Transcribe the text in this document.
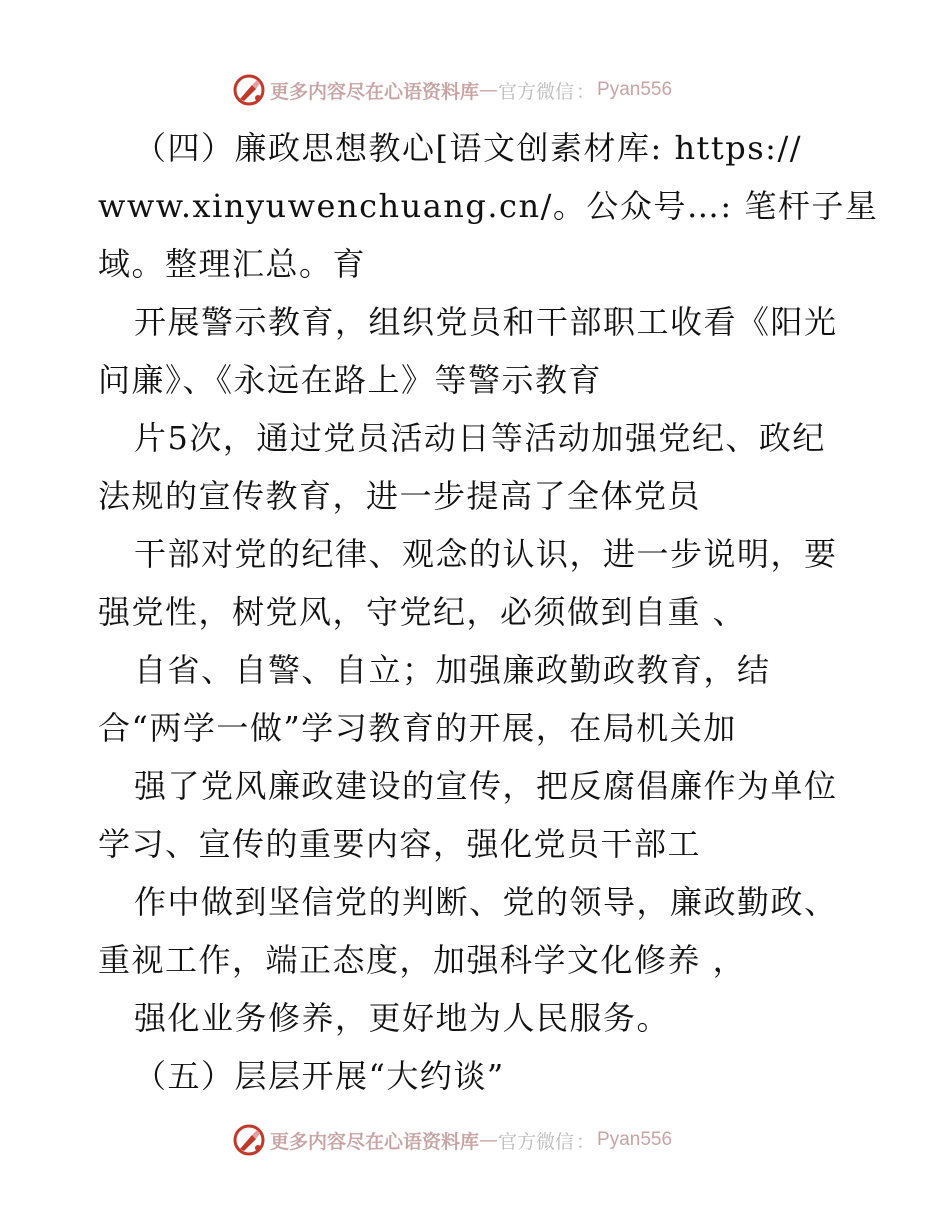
更多内容尽在心语资料库 — 官方微信 ： Pyan556
（四）廉政思想教心[语文创素材库: https://
www.xinyuwenchuang.cn/。公众号…: 笔杆子星
域。整理汇总。育
开展警示教育，组织党员和干部职工收看《阳光
问廉》、《永远在路上》等警示教育
片5次，通过党员活动日等活动加强党纪、政纪
法规的宣传教育，进一步提高了全体党员
干部对党的纪律、观念的认识，进一步说明，要
强党性，树党风，守党纪，必须做到自重 、
自省、自警、自立；加强廉政勤政教育，结
合“两学一做”学习教育的开展，在局机关加
强了党风廉政建设的宣传，把反腐倡廉作为单位
学习、宣传的重要内容，强化党员干部工
作中做到坚信党的判断、党的领导，廉政勤政、
重视工作，端正态度，加强科学文化修养 ，
强化业务修养，更好地为人民服务。
（五）层层开展“大约谈”
更多内容尽在心语资料库 — 官方微信 ： Pyan556
